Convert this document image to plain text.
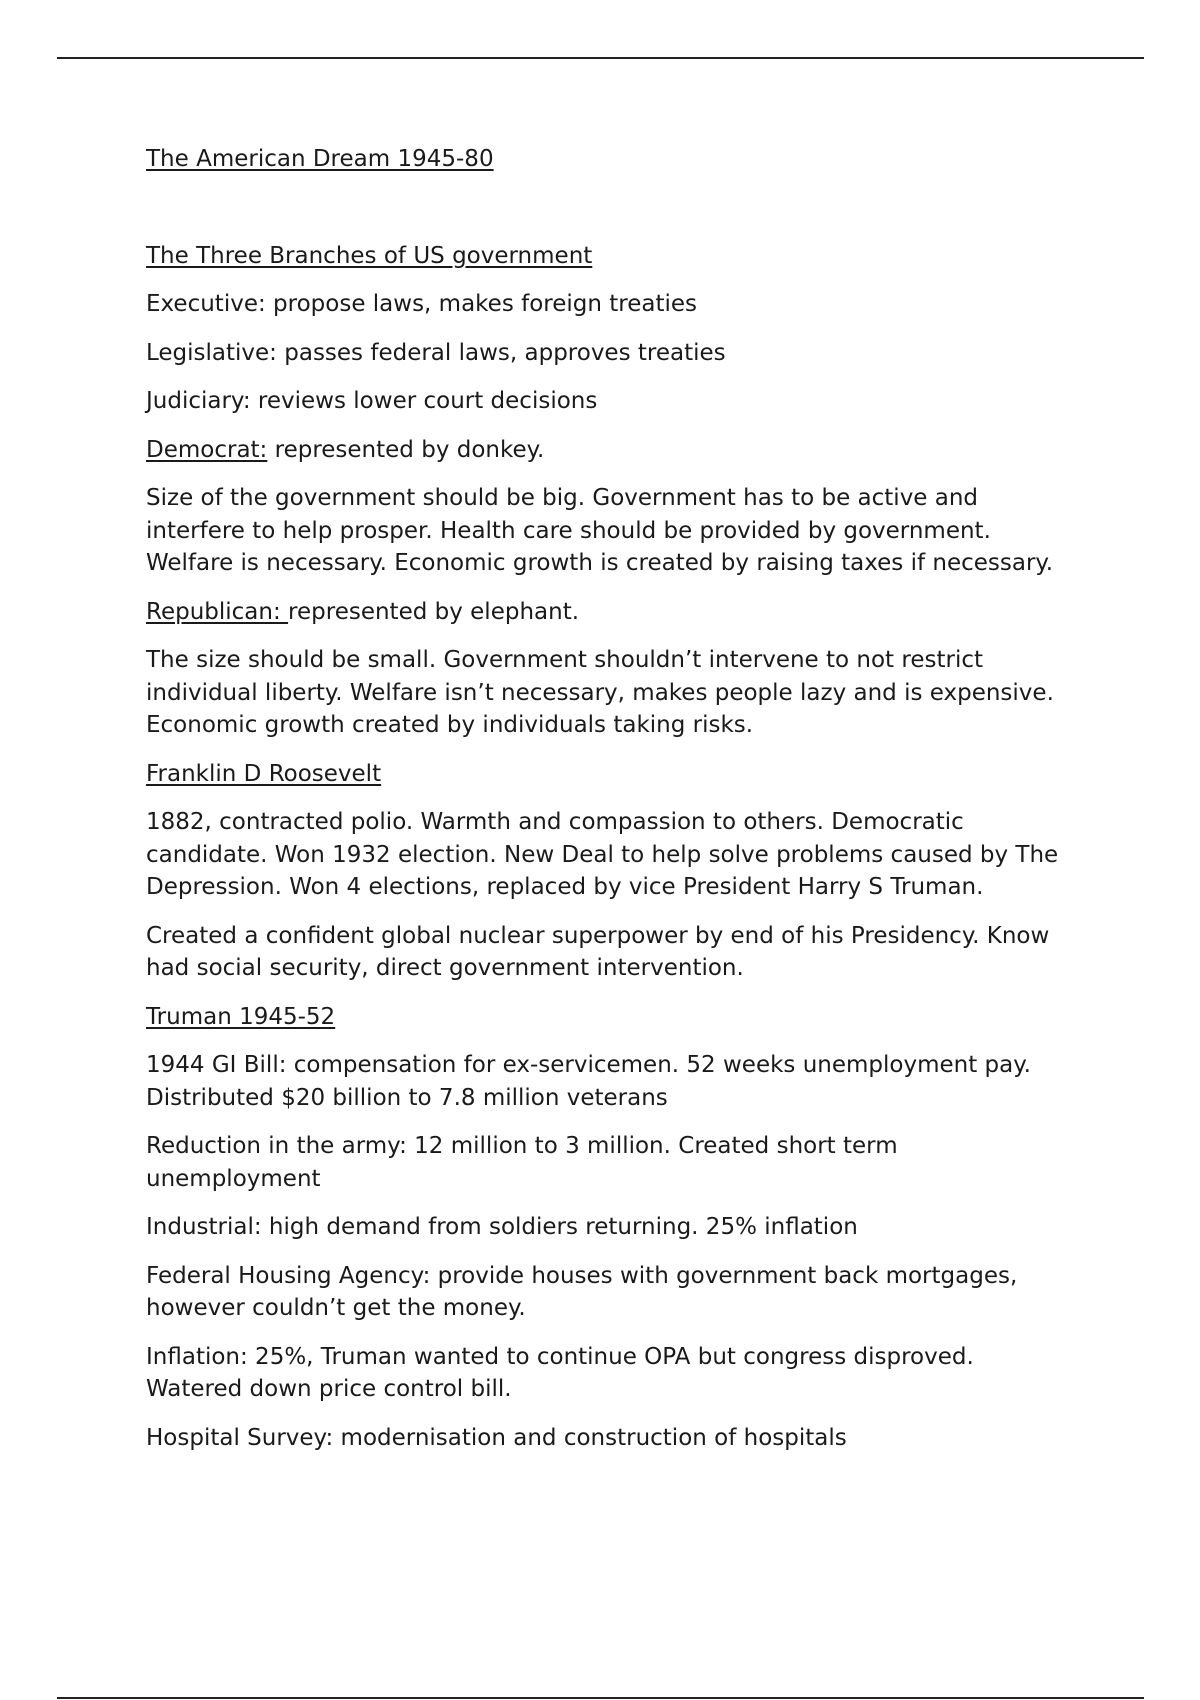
The American Dream 1945-80
The Three Branches of US government

Executive: propose laws, makes foreign treaties

Legislative: passes federal laws, approves treaties

Judiciary: reviews lower court decisions

Democrat: represented by donkey.

Size of the government should be big. Government has to be active and interfere to help prosper. Health care should be provided by government. Welfare is necessary. Economic growth is created by raising taxes if necessary.

Republican: represented by elephant.

The size should be small. Government shouldn’t intervene to not restrict individual liberty. Welfare isn’t necessary, makes people lazy and is expensive. Economic growth created by individuals taking risks.

Franklin D Roosevelt

1882, contracted polio. Warmth and compassion to others. Democratic candidate. Won 1932 election. New Deal to help solve problems caused by The Depression. Won 4 elections, replaced by vice President Harry S Truman.

Created a confident global nuclear superpower by end of his Presidency. Know had social security, direct government intervention.

Truman 1945-52

1944 GI Bill: compensation for ex-servicemen. 52 weeks unemployment pay. Distributed $20 billion to 7.8 million veterans

Reduction in the army: 12 million to 3 million. Created short term unemployment

Industrial: high demand from soldiers returning. 25% inflation

Federal Housing Agency: provide houses with government back mortgages, however couldn’t get the money.

Inflation: 25%, Truman wanted to continue OPA but congress disproved. Watered down price control bill.

Hospital Survey: modernisation and construction of hospitals
